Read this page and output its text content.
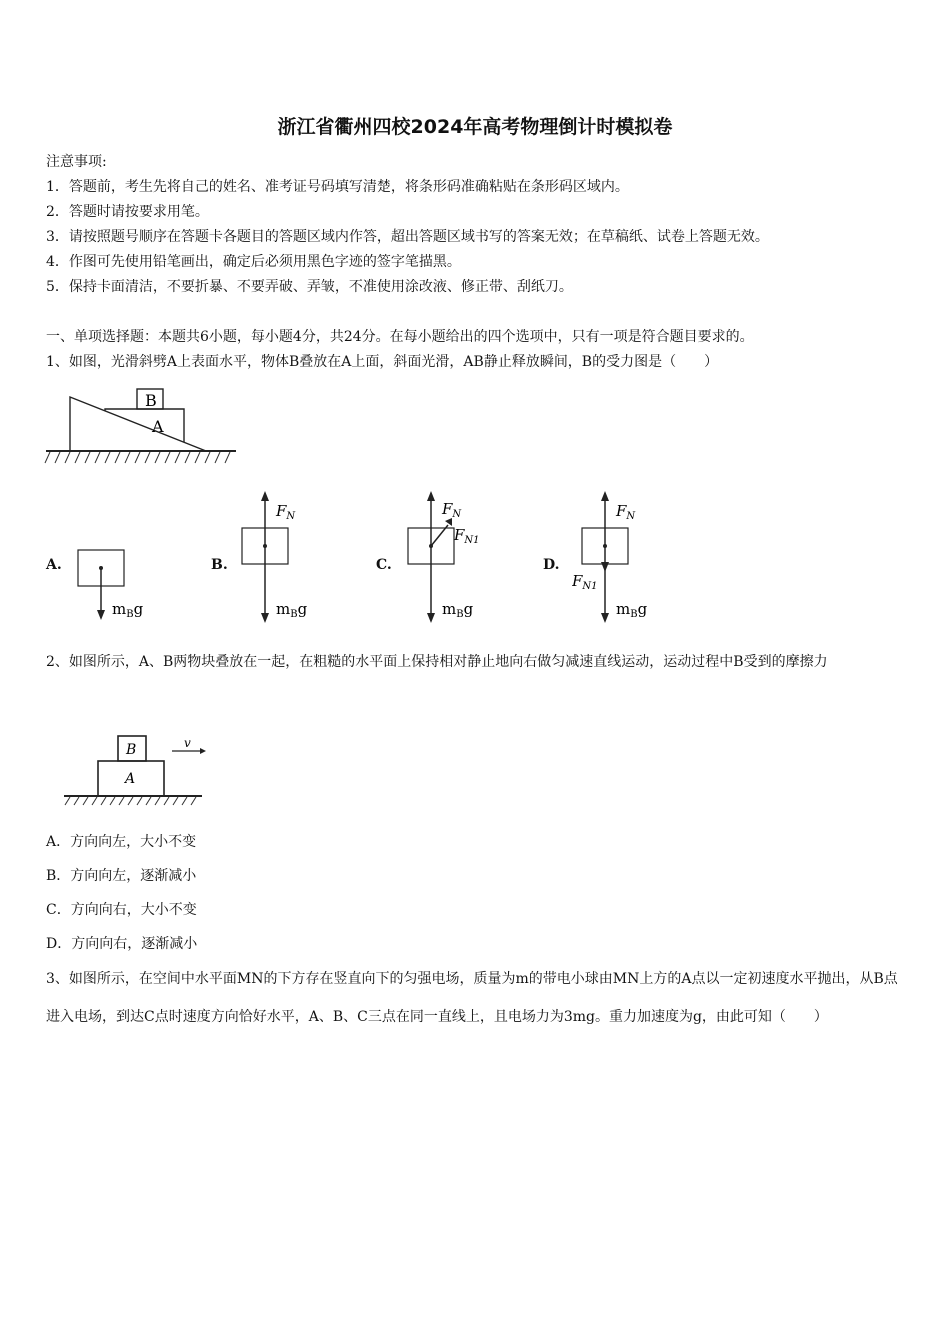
浙江省衢州四校2024年高考物理倒计时模拟卷
注意事项:
1．答题前，考生先将自己的姓名、准考证号码填写清楚，将条形码准确粘贴在条形码区域内。
2．答题时请按要求用笔。
3．请按照题号顺序在答题卡各题目的答题区域内作答，超出答题区域书写的答案无效；在草稿纸、试卷上答题无效。
4．作图可先使用铅笔画出，确定后必须用黑色字迹的签字笔描黑。
5．保持卡面清洁，不要折暴、不要弄破、弄皱，不准使用涂改液、修正带、刮纸刀。
一、单项选择题：本题共6小题，每小题4分，共24分。在每小题给出的四个选项中，只有一项是符合题目要求的。
1、如图，光滑斜劈A上表面水平，物体B叠放在A上面，斜面光滑，AB静止释放瞬间，B的受力图是（　　）
B
A
A.
$m_Bg$
B.
$F_N$
$m_Bg$
C.
$F_N$
$F_{N1}$
$m_Bg$
D.
$F_N$
$F_{N1}$
$m_Bg$
2、如图所示，A、B两物块叠放在一起，在粗糙的水平面上保持相对静止地向右做匀减速直线运动，运动过程中B受到的摩擦力
B
A
v
A．方向向左，大小不变
B．方向向左，逐渐减小
C．方向向右，大小不变
D．方向向右，逐渐减小
3、如图所示，在空间中水平面MN的下方存在竖直向下的匀强电场，质量为m的带电小球由MN上方的A点以一定初速度水平抛出，从B点进入电场，到达C点时速度方向恰好水平，A、B、C三点在同一直线上，且电场力为3mg。重力加速度为g，由此可知（　　）
